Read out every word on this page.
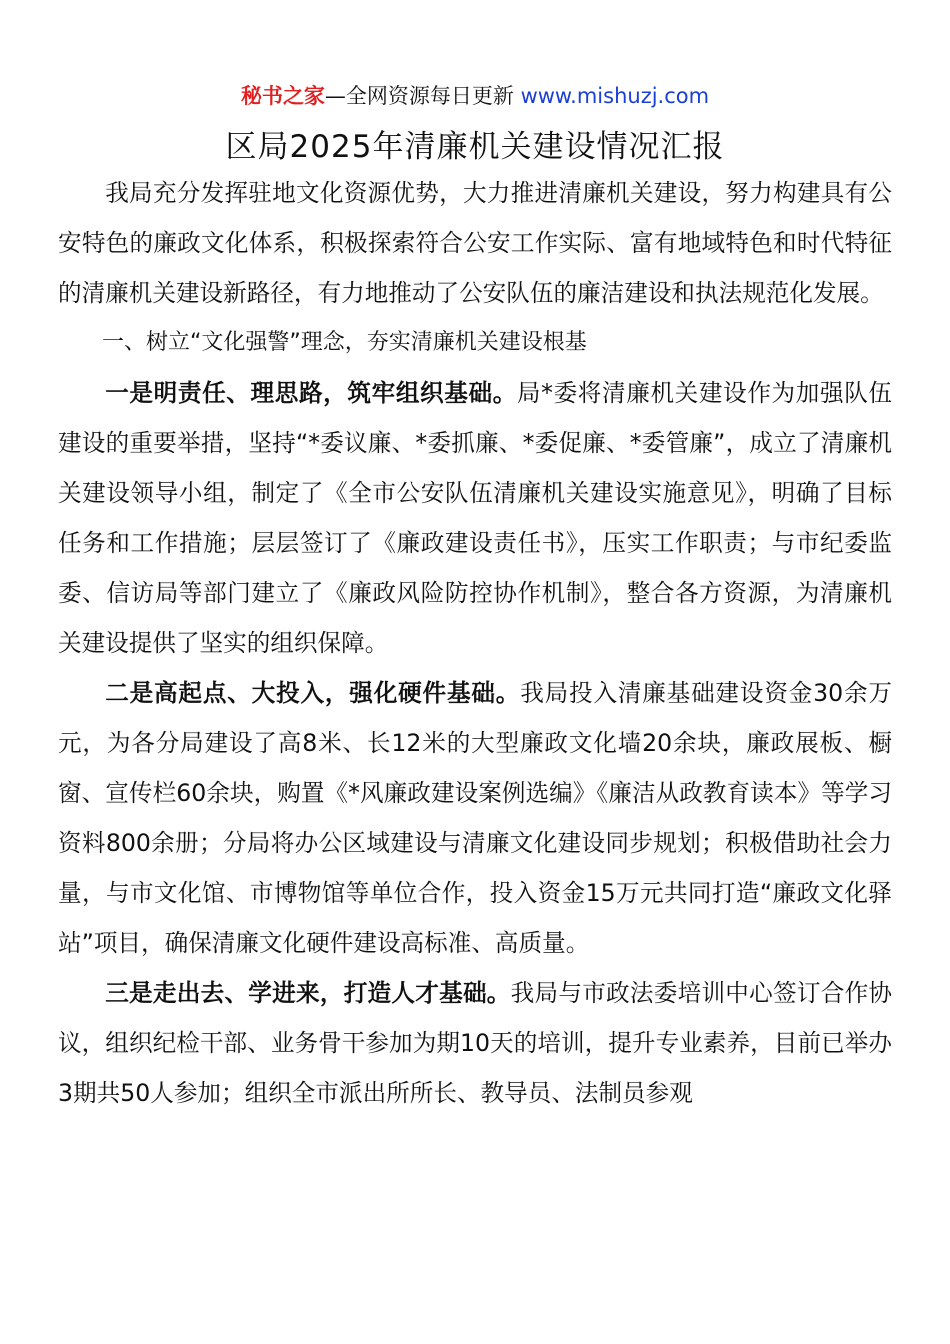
秘书之家—全网资源每日更新 www.mishuzj.com
区局2025年清廉机关建设情况汇报

我局充分发挥驻地文化资源优势，大力推进清廉机关建设，努力构建具有公安特色的廉政文化体系，积极探索符合公安工作实际、富有地域特色和时代特征的清廉机关建设新路径，有力地推动了公安队伍的廉洁建设和执法规范化发展。

一、树立“文化强警”理念，夯实清廉机关建设根基

一是明责任、理思路，筑牢组织基础。局*委将清廉机关建设作为加强队伍建设的重要举措，坚持“*委议廉、*委抓廉、*委促廉、*委管廉”，成立了清廉机关建设领导小组，制定了《全市公安队伍清廉机关建设实施意见》，明确了目标任务和工作措施；层层签订了《廉政建设责任书》，压实工作职责；与市纪委监委、信访局等部门建立了《廉政风险防控协作机制》，整合各方资源，为清廉机关建设提供了坚实的组织保障。

二是高起点、大投入，强化硬件基础。我局投入清廉基础建设资金30余万元，为各分局建设了高8米、长12米的大型廉政文化墙20余块，廉政展板、橱窗、宣传栏60余块，购置《*风廉政建设案例选编》《廉洁从政教育读本》等学习资料800余册；分局将办公区域建设与清廉文化建设同步规划；积极借助社会力量，与市文化馆、市博物馆等单位合作，投入资金15万元共同打造“廉政文化驿站”项目，确保清廉文化硬件建设高标准、高质量。

三是走出去、学进来，打造人才基础。我局与市政法委培训中心签订合作协议，组织纪检干部、业务骨干参加为期10天的培训，提升专业素养，目前已举办3期共50人参加；组织全市派出所所长、教导员、法制员参观
